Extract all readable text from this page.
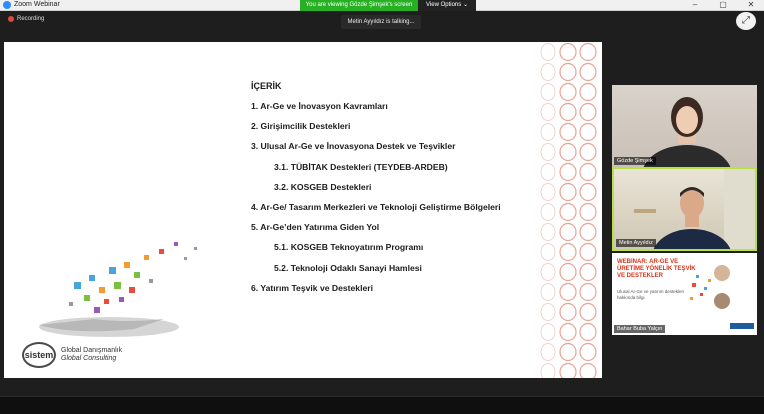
Zoom Webinar	You are viewing Gözde Şimşek's screen	View Options ⌄	–	▢	✕
Recording	Metin Ayyıldız is talking...	⤢
İÇERİK
1. Ar-Ge ve İnovasyon Kavramları
2. Girişimcilik Destekleri
3. Ulusal Ar-Ge ve İnovasyona Destek ve Teşvikler
3.1. TÜBİTAK Destekleri (TEYDEB-ARDEB)
3.2. KOSGEB Destekleri
4. Ar-Ge/ Tasarım Merkezleri ve Teknoloji Geliştirme Bölgeleri
5. Ar-Ge’den Yatırıma Giden Yol
5.1. KOSGEB Teknoyatırım Programı
5.2. Teknoloji Odaklı Sanayi Hamlesi
6. Yatırım Teşvik ve Destekleri
sistem	Global Danışmanlık
Global Consulting
Gözde Şimşek
Metin Ayyıldız
WEBINAR: AR-GE VE ÜRETİME YÖNELİK TEŞVİK VE DESTEKLER
Ulusal Ar-Ge ve yatırım destekleri hakkında bilgi
Bahar Buba Yalçın
